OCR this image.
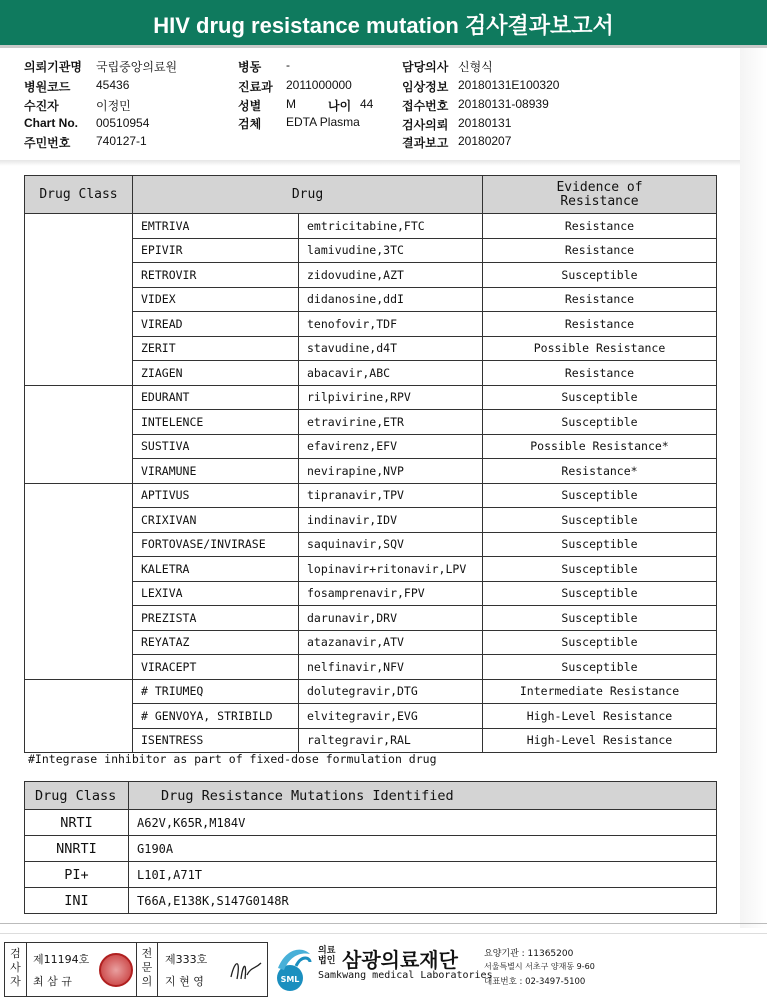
HIV drug resistance mutation 검사결과보고서
의뢰기관명 국립중앙의료원
병원코드 45436
수진자	이정민
Chart No. 00510954
주민번호 740127-1
병동 -
진료과 2011000000
성별 M	나이 44
검체 EDTA Plasma
담당의사 신형식
임상정보 20180131E100320
접수번호 20180131-08939
검사의뢰 20180131
결과보고 20180207
Drug Class	Drug		Evidence of
Resistance
	EMTRIVA	emtricitabine,FTC	Resistance
	EPIVIR	lamivudine,3TC	Resistance
	RETROVIR	zidovudine,AZT	Susceptible
	VIDEX	didanosine,ddI	Resistance
	VIREAD	tenofovir,TDF	Resistance
	ZERIT	stavudine,d4T	Possible Resistance
	ZIAGEN	abacavir,ABC	Resistance
	EDURANT	rilpivirine,RPV	Susceptible
	INTELENCE	etravirine,ETR	Susceptible
	SUSTIVA	efavirenz,EFV	Possible Resistance*
	VIRAMUNE	nevirapine,NVP	Resistance*
	APTIVUS	tipranavir,TPV	Susceptible
	CRIXIVAN	indinavir,IDV	Susceptible
	FORTOVASE/INVIRASE	saquinavir,SQV	Susceptible
	KALETRA	lopinavir+ritonavir,LPV	Susceptible
	LEXIVA	fosamprenavir,FPV	Susceptible
	PREZISTA	darunavir,DRV	Susceptible
	REYATAZ	atazanavir,ATV	Susceptible
	VIRACEPT	nelfinavir,NFV	Susceptible
	# TRIUMEQ	dolutegravir,DTG	Intermediate Resistance
	# GENVOYA, STRIBILD	elvitegravir,EVG	High-Level Resistance
	ISENTRESS	raltegravir,RAL	High-Level Resistance
#Integrase inhibitor as part of fixed-dose formulation drug
Drug Class	Drug Resistance Mutations Identified
NRTI	A62V,K65R,M184V
NNRTI	G190A
PI+	L10I,A71T
INI	T66A,E138K,S147G0148R
검사자
제11194호
최 삼 규
전문의
제333호
지 현 영	SML
의료법인 삼광의료재단
Samkwang medical Laboratories
요양기관 : 11365200
서울특별시 서초구 양재동 9-60
대표번호 : 02-3497-5100
